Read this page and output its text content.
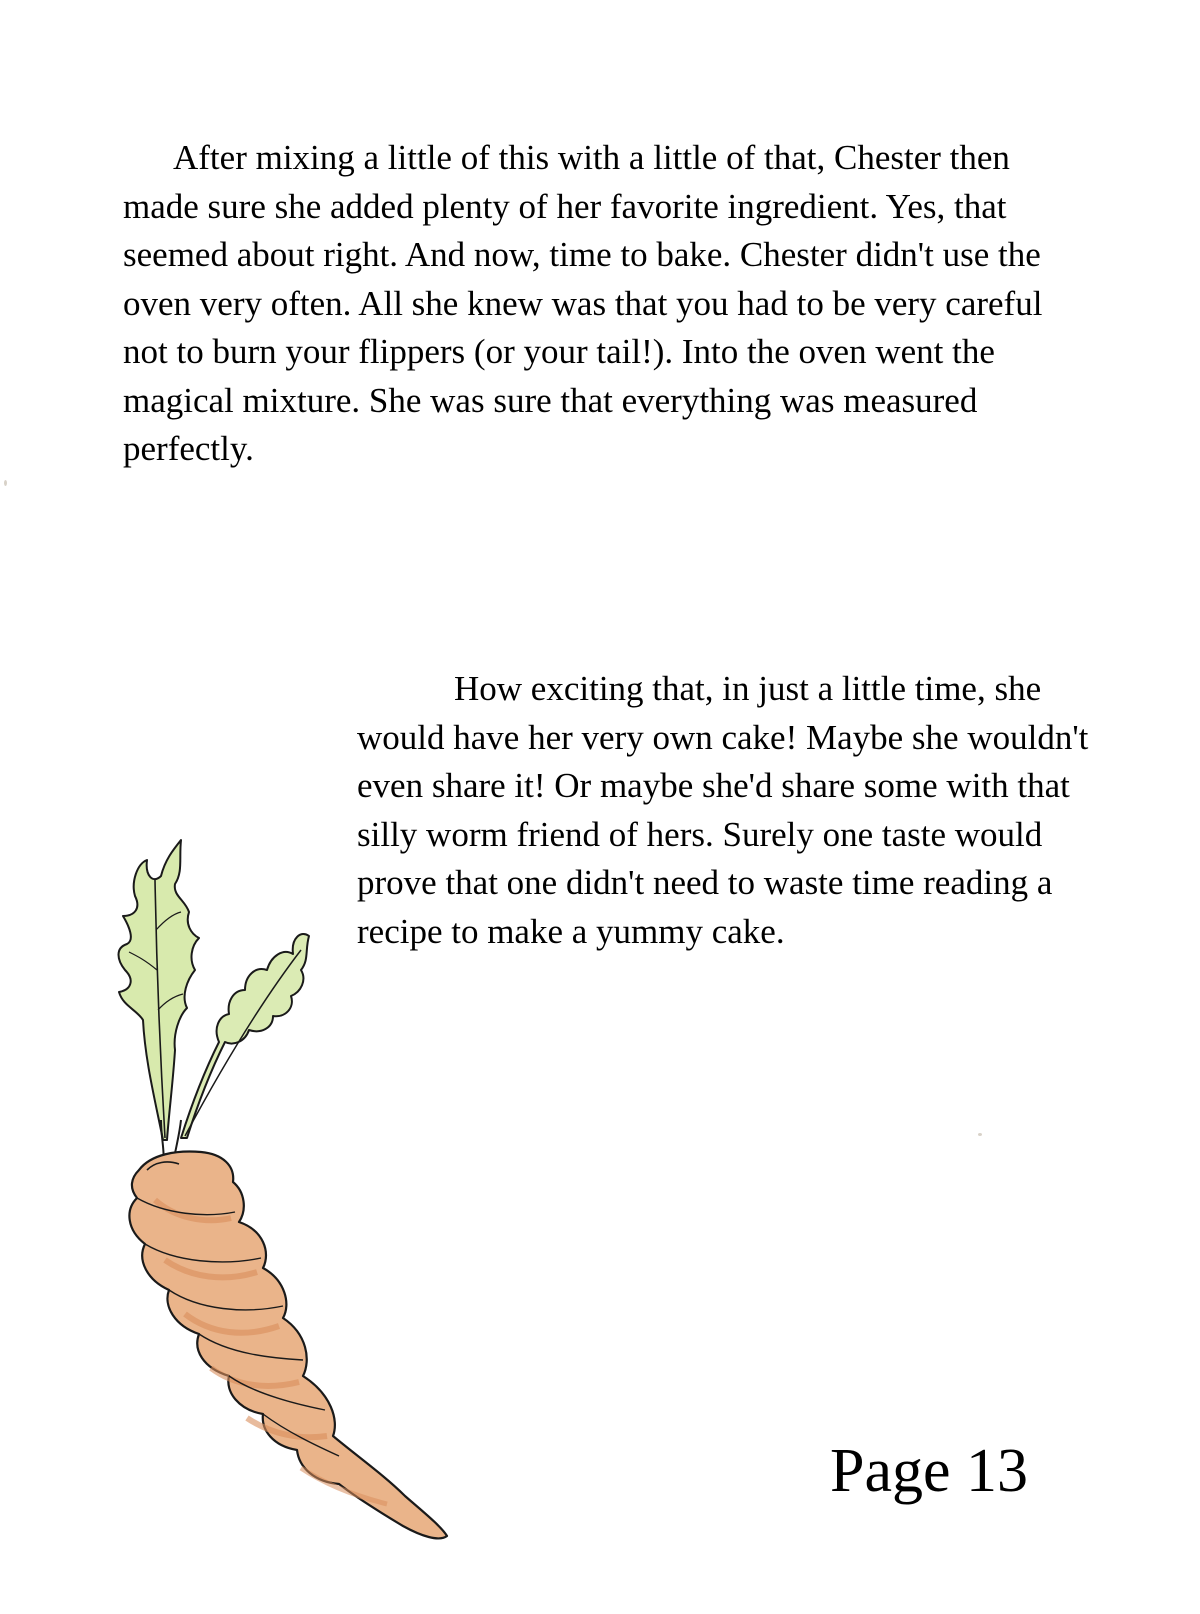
After mixing a little of this with a little of that, Chester then made sure she added plenty of her favorite ingredient. Yes, that seemed about right. And now, time to bake. Chester didn't use the oven very often. All she knew was that you had to be very careful not to burn your flippers (or your tail!). Into the oven went the magical mixture. She was sure that everything was measured perfectly.

How exciting that, in just a little time, she would have her very own cake! Maybe she wouldn't even share it! Or maybe she'd share some with that silly worm friend of hers. Surely one taste would prove that one didn't need to waste time reading a recipe to make a yummy cake.

Page 13
